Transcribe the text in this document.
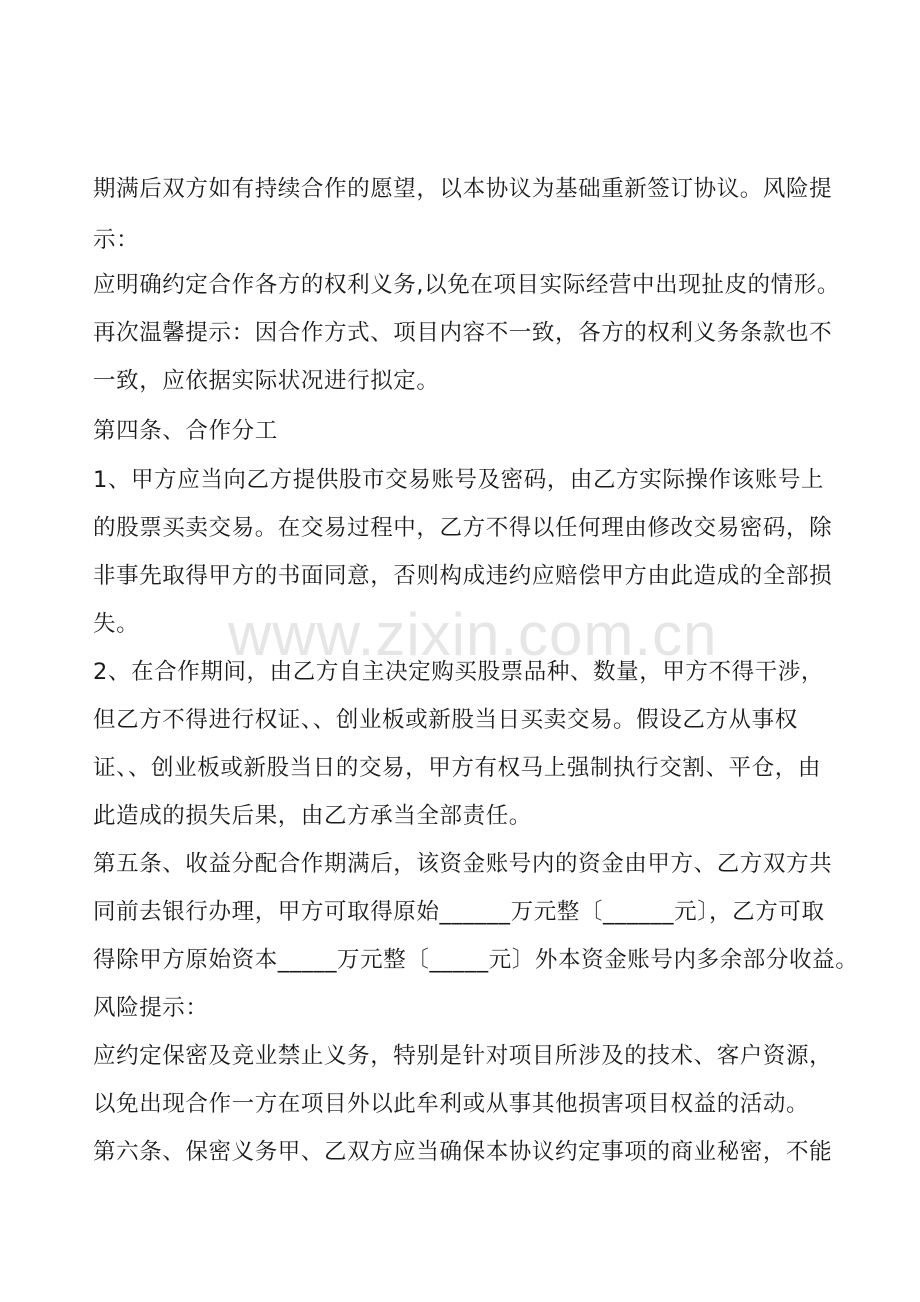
www.zixin.com.cn
期满后双方如有持续合作的愿望，以本协议为基础重新签订协议。风险提
示：
应明确约定合作各方的权利义务,以免在项目实际经营中出现扯皮的情形。
再次温馨提示：因合作方式、项目内容不一致，各方的权利义务条款也不
一致，应依据实际状况进行拟定。
第四条、合作分工
1、甲方应当向乙方提供股市交易账号及密码，由乙方实际操作该账号上
的股票买卖交易。在交易过程中，乙方不得以任何理由修改交易密码，除
非事先取得甲方的书面同意，否则构成违约应赔偿甲方由此造成的全部损
失。
2、在合作期间，由乙方自主决定购买股票品种、数量，甲方不得干涉，
但乙方不得进行权证、、创业板或新股当日买卖交易。假设乙方从事权
证、、创业板或新股当日的交易，甲方有权马上强制执行交割、平仓，由
此造成的损失后果，由乙方承当全部责任。
第五条、收益分配合作期满后，该资金账号内的资金由甲方、乙方双方共
同前去银行办理，甲方可取得原始______万元整〔______元〕，乙方可取
得除甲方原始资本_____万元整〔_____元〕外本资金账号内多余部分收益。
风险提示：
应约定保密及竞业禁止义务，特别是针对项目所涉及的技术、客户资源，
以免出现合作一方在项目外以此牟利或从事其他损害项目权益的活动。
第六条、保密义务甲、乙双方应当确保本协议约定事项的商业秘密，不能
